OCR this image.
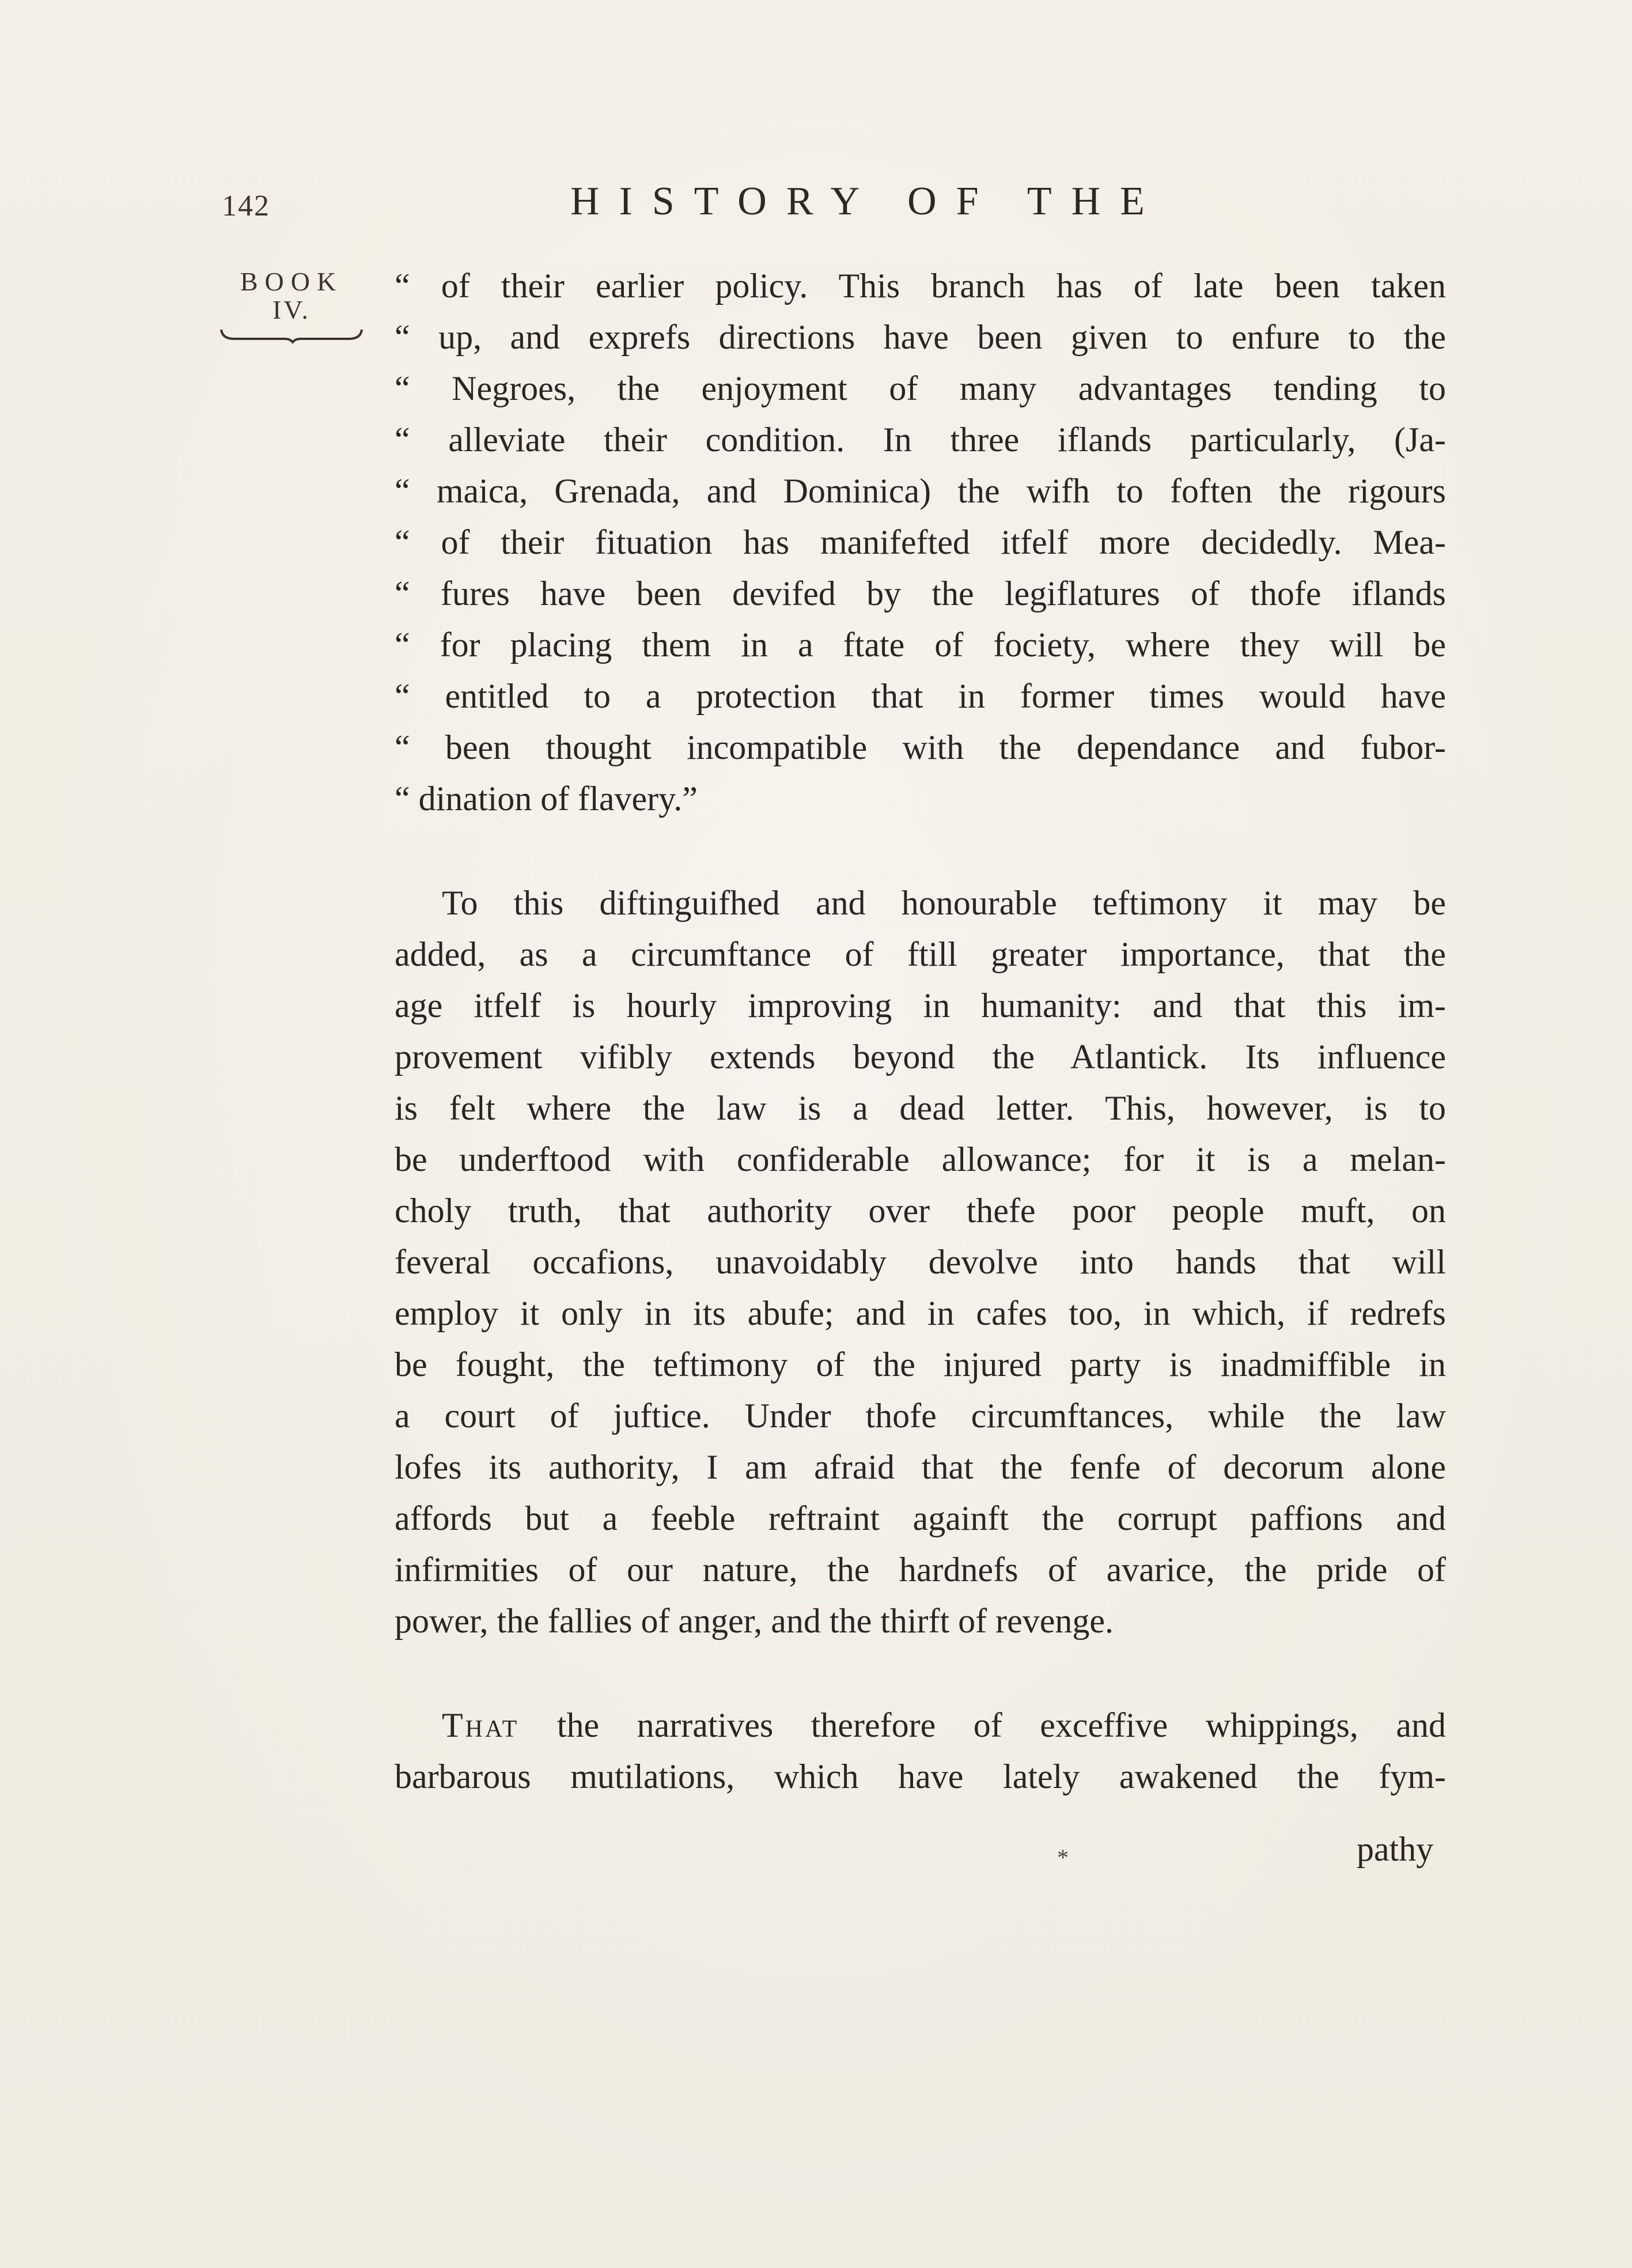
142	HISTORY OF THE
BOOK
IV.
“ of their earlier policy. This branch has of late been taken
“ up, and exprefs directions have been given to enfure to the
“ Negroes, the enjoyment of many advantages tending to
“ alleviate their condition. In three iflands particularly, (Ja-
“ maica, Grenada, and Dominica) the wifh to foften the rigours
“ of their fituation has manifefted itfelf more decidedly. Mea-
“ fures have been devifed by the legiflatures of thofe iflands
“ for placing them in a ftate of fociety, where they will be
“ entitled to a protection that in former times would have
“ been thought incompatible with the dependance and fubor-
“ dination of flavery.”
To this diftinguifhed and honourable teftimony it may be
added, as a circumftance of ftill greater importance, that the
age itfelf is hourly improving in humanity: and that this im-
provement vifibly extends beyond the Atlantick. Its influence
is felt where the law is a dead letter. This, however, is to
be underftood with confiderable allowance; for it is a melan-
choly truth, that authority over thefe poor people muft, on
feveral occafions, unavoidably devolve into hands that will
employ it only in its abufe; and in cafes too, in which, if redrefs
be fought, the teftimony of the injured party is inadmiffible in
a court of juftice. Under thofe circumftances, while the law
lofes its authority, I am afraid that the fenfe of decorum alone
affords but a feeble reftraint againft the corrupt paffions and
infirmities of our nature, the hardnefs of avarice, the pride of
power, the fallies of anger, and the thirft of revenge.
That the narratives therefore of exceffive whippings, and
barbarous mutilations, which have lately awakened the fym-
*	pathy
